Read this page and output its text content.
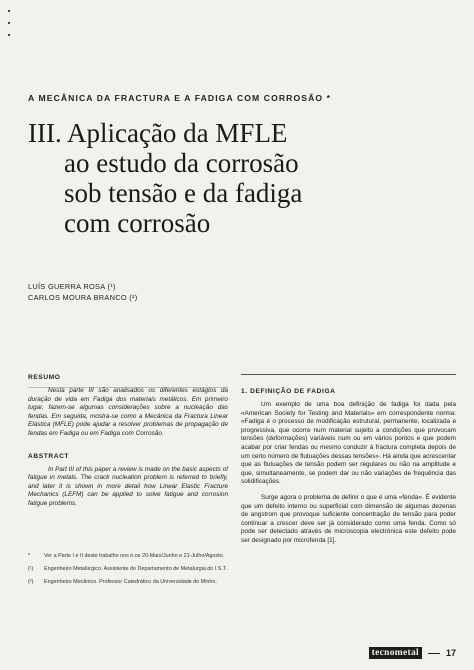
A MECÂNICA DA FRACTURA E A FADIGA COM CORROSÃO *
III. Aplicação da MFLE
ao estudo da corrosão
sob tensão e da fadiga
com corrosão
LUÍS GUERRA ROSA (¹)
CARLOS MOURA BRANCO (²)
RESUMO

Nesta parte III são analisados os diferentes estágios da duração de vida em Fadiga dos materiais metálicos. Em primeiro lugar, fazem-se algumas considerações sobre a nucleação das fendas. Em seguida, mostra-se como a Mecânica da Fractura Linear Elástica (MFLE) pode ajudar a resolver problemas de propagação de fendas em Fadiga ou em Fadiga com Corrosão.

ABSTRACT

In Part III of this paper a review is made on the basic aspects of fatigue in metals. The crack nucleation problem is referred to briefly, and later it is shown in more detail how Linear Elastic Fracture Mechanics (LEFM) can be applied to solve fatigue and corrosion fatigue problems.

*	Ver a Parte I e II deste trabalho nos n.os 20-Maio/Junho e 21-Julho/Agosto.
(¹)	Engenheiro Metalúrgico. Assistente do Departamento de Metalurgia do I.S.T.
(²)	Engenheiro Mecânico. Professor Catedrático da Universidade do Minho.
1. DEFINIÇÃO DE FADIGA

Um exemplo de uma boa definição de fadiga foi dada pela «American Society for Testing and Materials» em correspondente norma: «Fadiga é o processo de modificação estrutural, permanente, localizada e progressiva, que ocorre num material sujeito a condições que provocam tensões (deformações) variáveis num ou em vários pontos e que podem acabar por criar fendas ou mesmo conduzir à fractura completa depois de um certo número de flutuações dessas tensões». Há ainda que acrescentar que as flutuações de tensão podem ser regulares ou não na amplitude e que, simultaneamente, se podem dar ou não variações de frequência das solidificações.

Surge agora o problema de definir o que é uma «fenda». É evidente que um defeito interno ou superficial com dimensão de algumas dezenas de angstrom que provoque suficiente concentração de tensão para poder continuar a crescer deve ser já considerado como uma fenda. Como só pode ser detectado através de microscopia electrónica este defeito pode ser designado por microfenda [1].

tecnometal	17
